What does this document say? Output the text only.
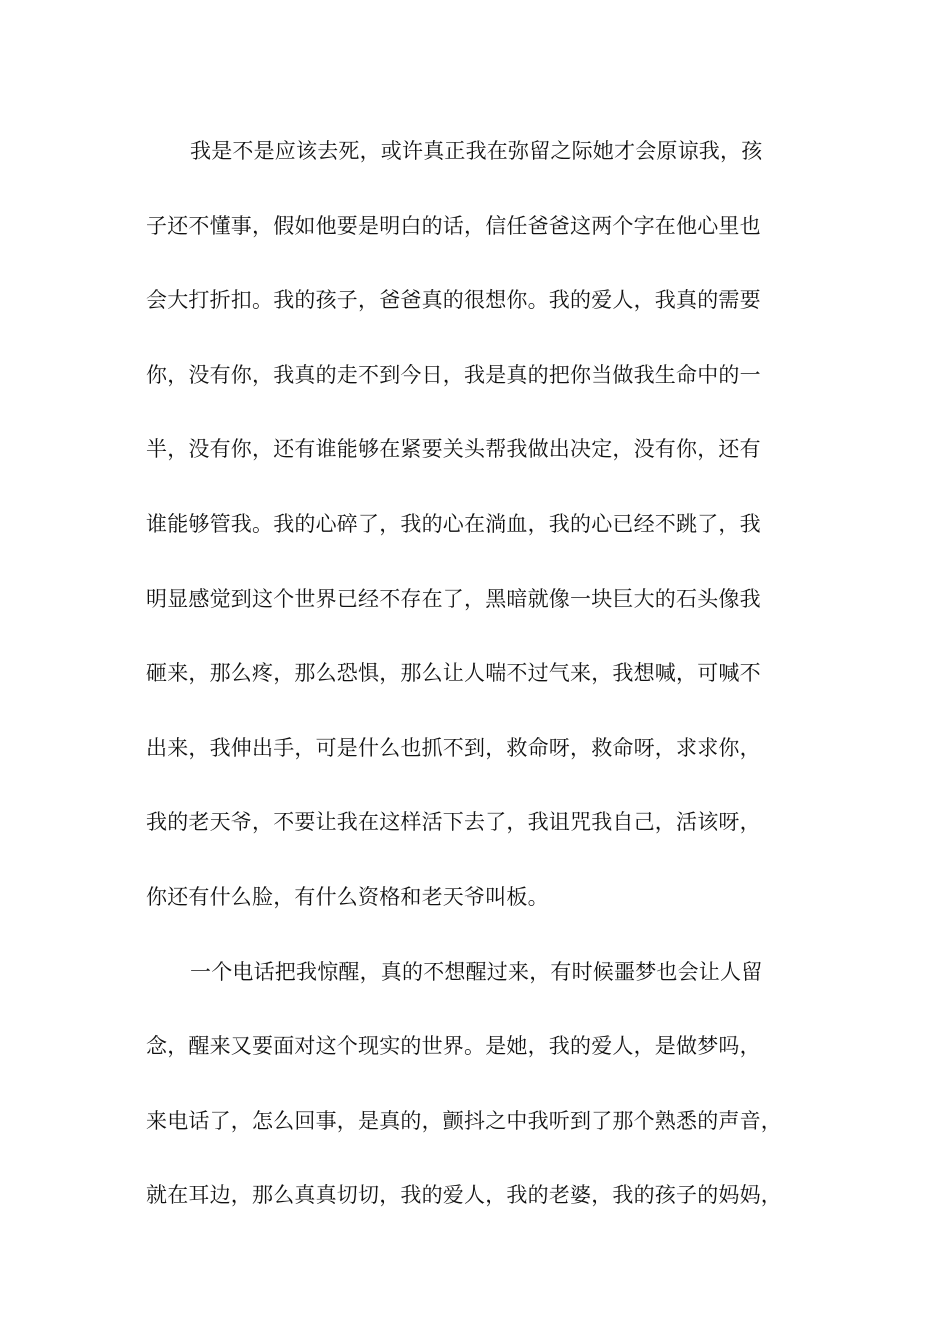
我是不是应该去死，或许真正我在弥留之际她才会原谅我，孩
子还不懂事，假如他要是明白的话，信任爸爸这两个字在他心里也
会大打折扣。我的孩子，爸爸真的很想你。我的爱人，我真的需要
你，没有你，我真的走不到今日，我是真的把你当做我生命中的一
半，没有你，还有谁能够在紧要关头帮我做出决定，没有你，还有
谁能够管我。我的心碎了，我的心在淌血，我的心已经不跳了，我
明显感觉到这个世界已经不存在了，黑暗就像一块巨大的石头像我
砸来，那么疼，那么恐惧，那么让人喘不过气来，我想喊，可喊不
出来，我伸出手，可是什么也抓不到，救命呀，救命呀，求求你，
我的老天爷，不要让我在这样活下去了，我诅咒我自己，活该呀，
你还有什么脸，有什么资格和老天爷叫板。
一个电话把我惊醒，真的不想醒过来，有时候噩梦也会让人留
念，醒来又要面对这个现实的世界。是她，我的爱人，是做梦吗，
来电话了，怎么回事，是真的，颤抖之中我听到了那个熟悉的声音，
就在耳边，那么真真切切，我的爱人，我的老婆，我的孩子的妈妈，
